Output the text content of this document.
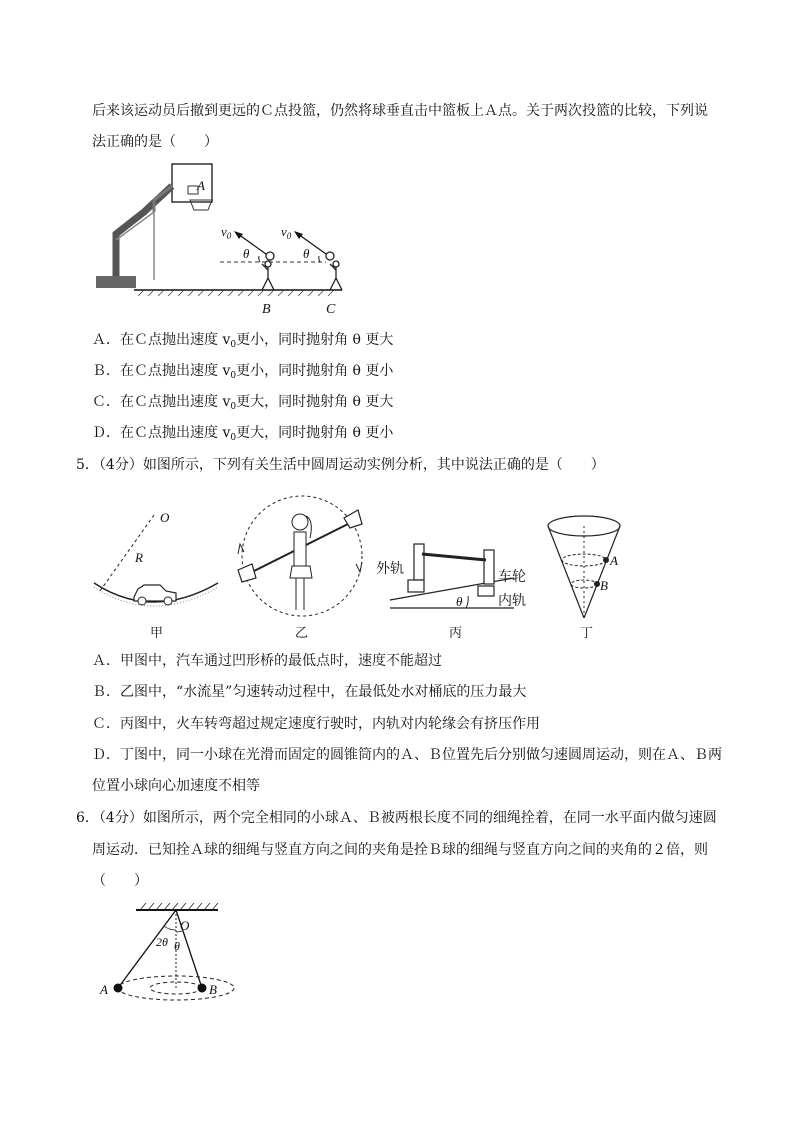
后来该运动员后撤到更远的Ｃ点投篮，仍然将球垂直击中篮板上Ａ点。关于两次投篮的比较，下列说
法正确的是（　　）
A
$v_0$	$v_0$
θ	θ
B	C
Ａ．在Ｃ点抛出速度 $v_0$更小，同时抛射角 θ 更大
Ｂ．在Ｃ点抛出速度 $v_0$更小，同时抛射角 θ 更小
Ｃ．在Ｃ点抛出速度 $v_0$更大，同时抛射角 θ 更大
Ｄ．在Ｃ点抛出速度 $v_0$更大，同时抛射角 θ 更小
5．（4分）如图所示，下列有关生活中圆周运动实例分析，其中说法正确的是（　　）
O
R
甲	乙
外轨	车轮
内轨
θ
丙
A
B
丁
Ａ．甲图中，汽车通过凹形桥的最低点时，速度不能超过
Ｂ．乙图中，“水流星”匀速转动过程中，在最低处水对桶底的压力最大
Ｃ．丙图中，火车转弯超过规定速度行驶时，内轨对内轮缘会有挤压作用
Ｄ．丁图中，同一小球在光滑而固定的圆锥筒内的Ａ、Ｂ位置先后分别做匀速圆周运动，则在Ａ、Ｂ两
位置小球向心加速度不相等
6．（4分）如图所示，两个完全相同的小球Ａ、Ｂ被两根长度不同的细绳拴着，在同一水平面内做匀速圆
周运动．已知拴Ａ球的细绳与竖直方向之间的夹角是拴Ｂ球的细绳与竖直方向之间的夹角的２倍，则
（　　）
O
2θ θ
A	B
